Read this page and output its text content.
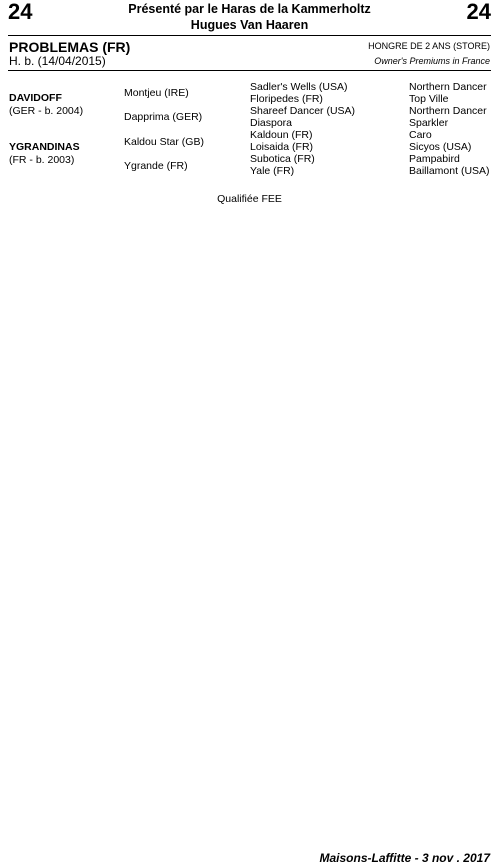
24	24
Présenté par le Haras de la Kammerholtz
Hugues Van Haaren
PROBLEMAS (FR)
H. b. (14/04/2015)
HONGRE DE 2 ANS (STORE)
Owner's Premiums in France
DAVIDOFF
(GER - b. 2004)
YGRANDINAS
(FR - b. 2003)
Montjeu (IRE)
Dapprima (GER)
Kaldou Star (GB)
Ygrande (FR)
Sadler's Wells (USA)
Floripedes (FR)
Shareef Dancer (USA)
Diaspora
Kaldoun (FR)
Loisaida (FR)
Subotica (FR)
Yale (FR)
Northern Dancer
Top Ville
Northern Dancer
Sparkler
Caro
Sicyos (USA)
Pampabird
Baillamont (USA)
Qualifiée FEE
Maisons-Laffitte - 3 nov . 2017
